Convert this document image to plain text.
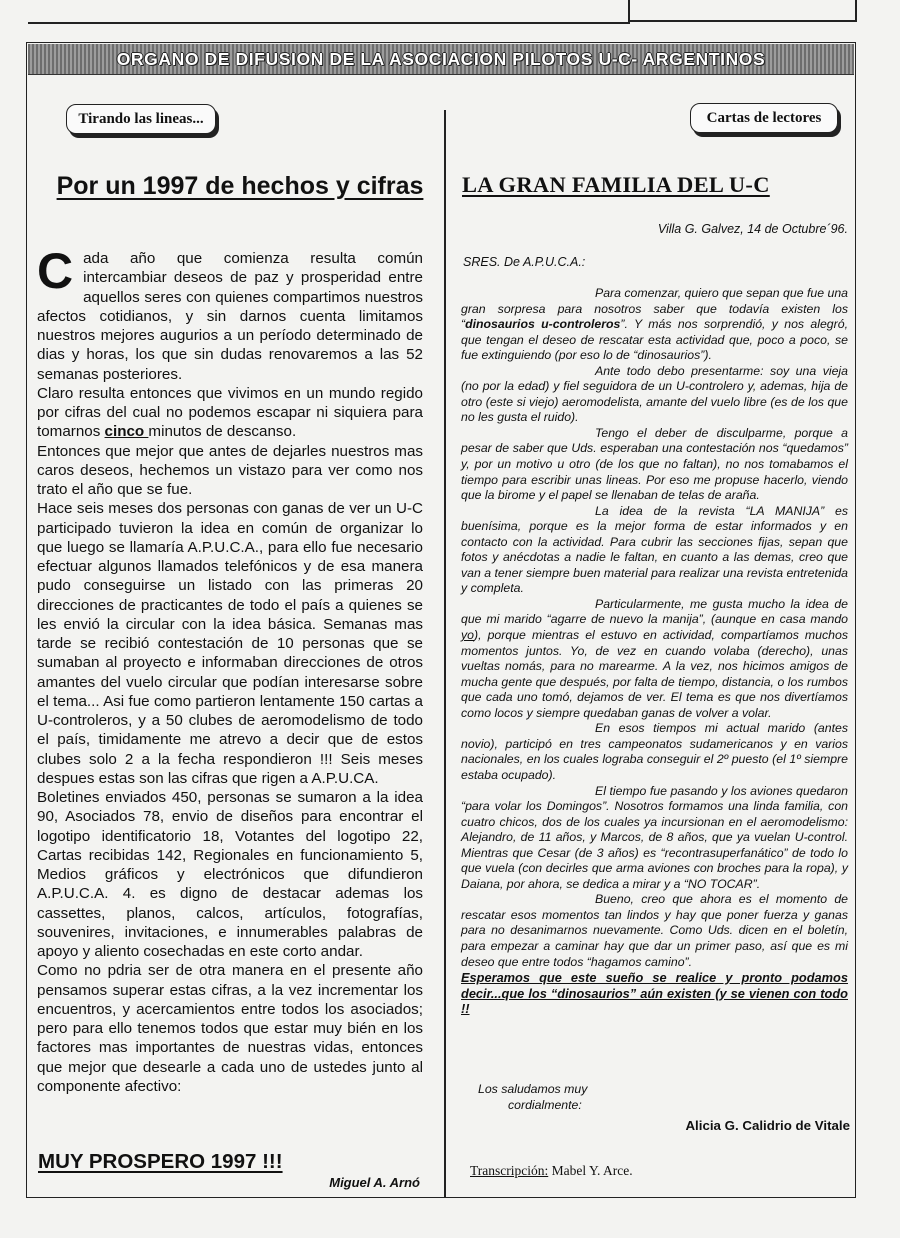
ORGANO DE DIFUSION DE LA ASOCIACION PILOTOS U-C- ARGENTINOS
Tirando las lineas...
Por un 1997 de hechos y cifras

Cada año que comienza resulta común intercambiar deseos de paz y prosperidad entre aquellos seres con quienes compartimos nuestros afectos cotidianos, y sin darnos cuenta limitamos nuestros mejores augurios a un período determinado de dias y horas, los que sin dudas renovaremos a las 52 semanas posteriores.

Claro resulta entonces que vivimos en un mundo regido por cifras del cual no podemos escapar ni siquiera para tomarnos cinco minutos de descanso.

Entonces que mejor que antes de dejarles nuestros mas caros deseos, hechemos un vistazo para ver como nos trato el año que se fue.

Hace seis meses dos personas con ganas de ver un U-C participado tuvieron la idea en común de organizar lo que luego se llamaría A.P.U.C.A., para ello fue necesario efectuar algunos llamados telefónicos y de esa manera pudo conseguirse un listado con las primeras 20 direcciones de practicantes de todo el país a quienes se les envió la circular con la idea básica. Semanas mas tarde se recibió contestación de 10 personas que se sumaban al proyecto e informaban direcciones de otros amantes del vuelo circular que podían interesarse sobre el tema... Asi fue como partieron lentamente 150 cartas a U-controleros, y a 50 clubes de aeromodelismo de todo el país, timidamente me atrevo a decir que de estos clubes solo 2 a la fecha respondieron !!! Seis meses despues estas son las cifras que rigen a A.P.U.CA.

Boletines enviados 450, personas se sumaron a la idea 90, Asociados 78, envio de diseños para encontrar el logotipo identificatorio 18, Votantes del logotipo 22, Cartas recibidas 142, Regionales en funcionamiento 5, Medios gráficos y electrónicos que difundieron A.P.U.C.A. 4. es digno de destacar ademas los cassettes, planos, calcos, artículos, fotografías, souvenires, invitaciones, e innumerables palabras de apoyo y aliento cosechadas en este corto andar.

Como no pdria ser de otra manera en el presente año pensamos superar estas cifras, a la vez incrementar los encuentros, y acercamientos entre todos los asociados; pero para ello tenemos todos que estar muy bién en los factores mas importantes de nuestras vidas, entonces que mejor que desearle a cada uno de ustedes junto al componente afectivo:

MUY PROSPERO 1997 !!!
Miguel A. Arnó
Cartas de lectores
LA GRAN FAMILIA DEL U-C
Villa G. Galvez, 14 de Octubre´96.
SRES. De A.P.U.C.A.:

Para comenzar, quiero que sepan que fue una gran sorpresa para nosotros saber que todavía existen los “dinosaurios u-controleros”. Y más nos sorprendió, y nos alegró, que tengan el deseo de rescatar esta actividad que, poco a poco, se fue extinguiendo (por eso lo de “dinosaurios”).

Ante todo debo presentarme: soy una vieja (no por la edad) y fiel seguidora de un U-controlero y, ademas, hija de otro (este si viejo) aeromodelista, amante del vuelo libre (es de los que no les gusta el ruido).

Tengo el deber de disculparme, porque a pesar de saber que Uds. esperaban una contestación nos “quedamos” y, por un motivo u otro (de los que no faltan), no nos tomabamos el tiempo para escribir unas lineas. Por eso me propuse hacerlo, viendo que la birome y el papel se llenaban de telas de araña.

La idea de la revista “LA MANIJA” es buenísima, porque es la mejor forma de estar informados y en contacto con la actividad. Para cubrir las secciones fijas, sepan que fotos y anécdotas a nadie le faltan, en cuanto a las demas, creo que van a tener siempre buen material para realizar una revista entretenida y completa.

Particularmente, me gusta mucho la idea de que mi marido “agarre de nuevo la manija”, (aunque en casa mando yo), porque mientras el estuvo en actividad, compartíamos muchos momentos juntos. Yo, de vez en cuando volaba (derecho), unas vueltas nomás, para no marearme. A la vez, nos hicimos amigos de mucha gente que después, por falta de tiempo, distancia, o los rumbos que cada uno tomó, dejamos de ver. El tema es que nos divertíamos como locos y siempre quedaban ganas de volver a volar.

En esos tiempos mi actual marido (antes novio), participó en tres campeonatos sudamericanos y en varios nacionales, en los cuales lograba conseguir el 2º puesto (el 1º siempre estaba ocupado).

El tiempo fue pasando y los aviones quedaron “para volar los Domingos”. Nosotros formamos una linda familia, con cuatro chicos, dos de los cuales ya incursionan en el aeromodelismo: Alejandro, de 11 años, y Marcos, de 8 años, que ya vuelan U-control. Mientras que Cesar (de 3 años) es “recontrasuperfanático” de todo lo que vuela (con decirles que arma aviones con broches para la ropa), y Daiana, por ahora, se dedica a mirar y a “NO TOCAR”.

Bueno, creo que ahora es el momento de rescatar esos momentos tan lindos y hay que poner fuerza y ganas para no desanimarnos nuevamente. Como Uds. dicen en el boletín, para empezar a caminar hay que dar un primer paso, así que es mi deseo que entre todos “hagamos camino”.

Esperamos que este sueño se realice y pronto podamos decir...que los “dinosaurios” aún existen (y se vienen con todo !!

Los saludamos muy
cordialmente:
Alicia G. Calidrio de Vitale
Transcripción: Mabel Y. Arce.
